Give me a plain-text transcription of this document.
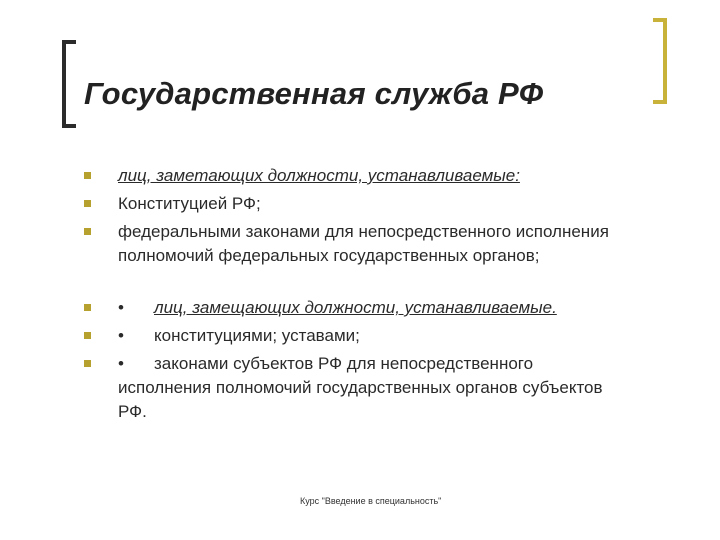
Государственная служба РФ
лиц, заметающих должности, устанавливаемые:
Конституцией РФ;
федеральными законами для непосредственного исполнения полномочий федеральных государственных органов;
• лиц, замещающих должности, устанавливаемые.
• конституциями; уставами;
• законами субъектов РФ для непосредственного исполнения полномочий государственных органов субъектов РФ.
Курс "Введение в специальность"
